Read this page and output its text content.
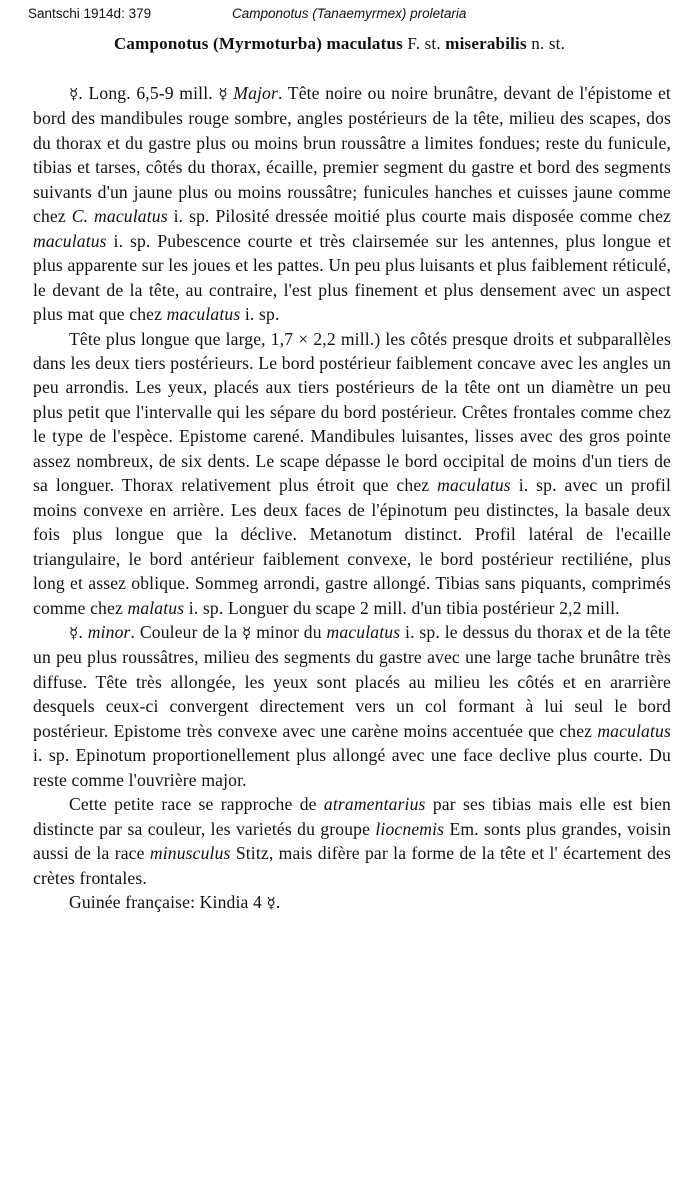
Santschi 1914d: 379	Camponotus (Tanaemyrmex) proletaria
Camponotus (Myrmoturba) maculatus F. st. miserabilis n. st.

☿. Long. 6,5-9 mill. ☿ Major. Tête noire ou noire brunâtre, devant de l'épistome et bord des mandibules rouge sombre, angles postérieurs de la tête, milieu des scapes, dos du thorax et du gastre plus ou moins brun roussâtre a limites fondues; reste du funicule, tibias et tarses, côtés du thorax, écaille, premier segment du gastre et bord des segments suivants d'un jaune plus ou moins roussâtre; funicules hanches et cuisses jaune comme chez C. maculatus i. sp. Pilosité dressée moitié plus courte mais disposée comme chez maculatus i. sp. Pubescence courte et très clairsemée sur les antennes, plus longue et plus apparente sur les joues et les pattes. Un peu plus luisants et plus faiblement réticulé, le devant de la tête, au contraire, l'est plus finement et plus densement avec un aspect plus mat que chez maculatus i. sp.

Tête plus longue que large, 1,7 × 2,2 mill.) les côtés presque droits et subparallèles dans les deux tiers postérieurs. Le bord postérieur faiblement concave avec les angles un peu arrondis. Les yeux, placés aux tiers postérieurs de la tête ont un diamètre un peu plus petit que l'intervalle qui les sépare du bord postérieur. Crêtes frontales comme chez le type de l'espèce. Epistome carené. Mandibules luisantes, lisses avec des gros pointe assez nombreux, de six dents. Le scape dépasse le bord occipital de moins d'un tiers de sa longuer. Thorax relativement plus étroit que chez maculatus i. sp. avec un profil moins convexe en arrière. Les deux faces de l'épinotum peu distinctes, la basale deux fois plus longue que la déclive. Metanotum distinct. Profil latéral de l'ecaille triangulaire, le bord antérieur faiblement convexe, le bord postérieur rectiliéne, plus long et assez oblique. Sommeg arrondi, gastre allongé. Tibias sans piquants, comprimés comme chez malatus i. sp. Longuer du scape 2 mill. d'un tibia postérieur 2,2 mill.

☿. minor. Couleur de la ☿ minor du maculatus i. sp. le dessus du thorax et de la tête un peu plus roussâtres, milieu des segments du gastre avec une large tache brunâtre très diffuse. Tête très allongée, les yeux sont placés au milieu les côtés et en ararrière desquels ceux-ci convergent directement vers un col formant à lui seul le bord postérieur. Epistome très convexe avec une carène moins accentuée que chez maculatus i. sp. Epinotum proportionellement plus allongé avec une face declive plus courte. Du reste comme l'ouvrière major.

Cette petite race se rapproche de atramentarius par ses tibias mais elle est bien distincte par sa couleur, les varietés du groupe liocnemis Em. sonts plus grandes, voisin aussi de la race minusculus Stitz, mais difère par la forme de la tête et l' écartement des crètes frontales.

Guinée française: Kindia 4 ☿.
